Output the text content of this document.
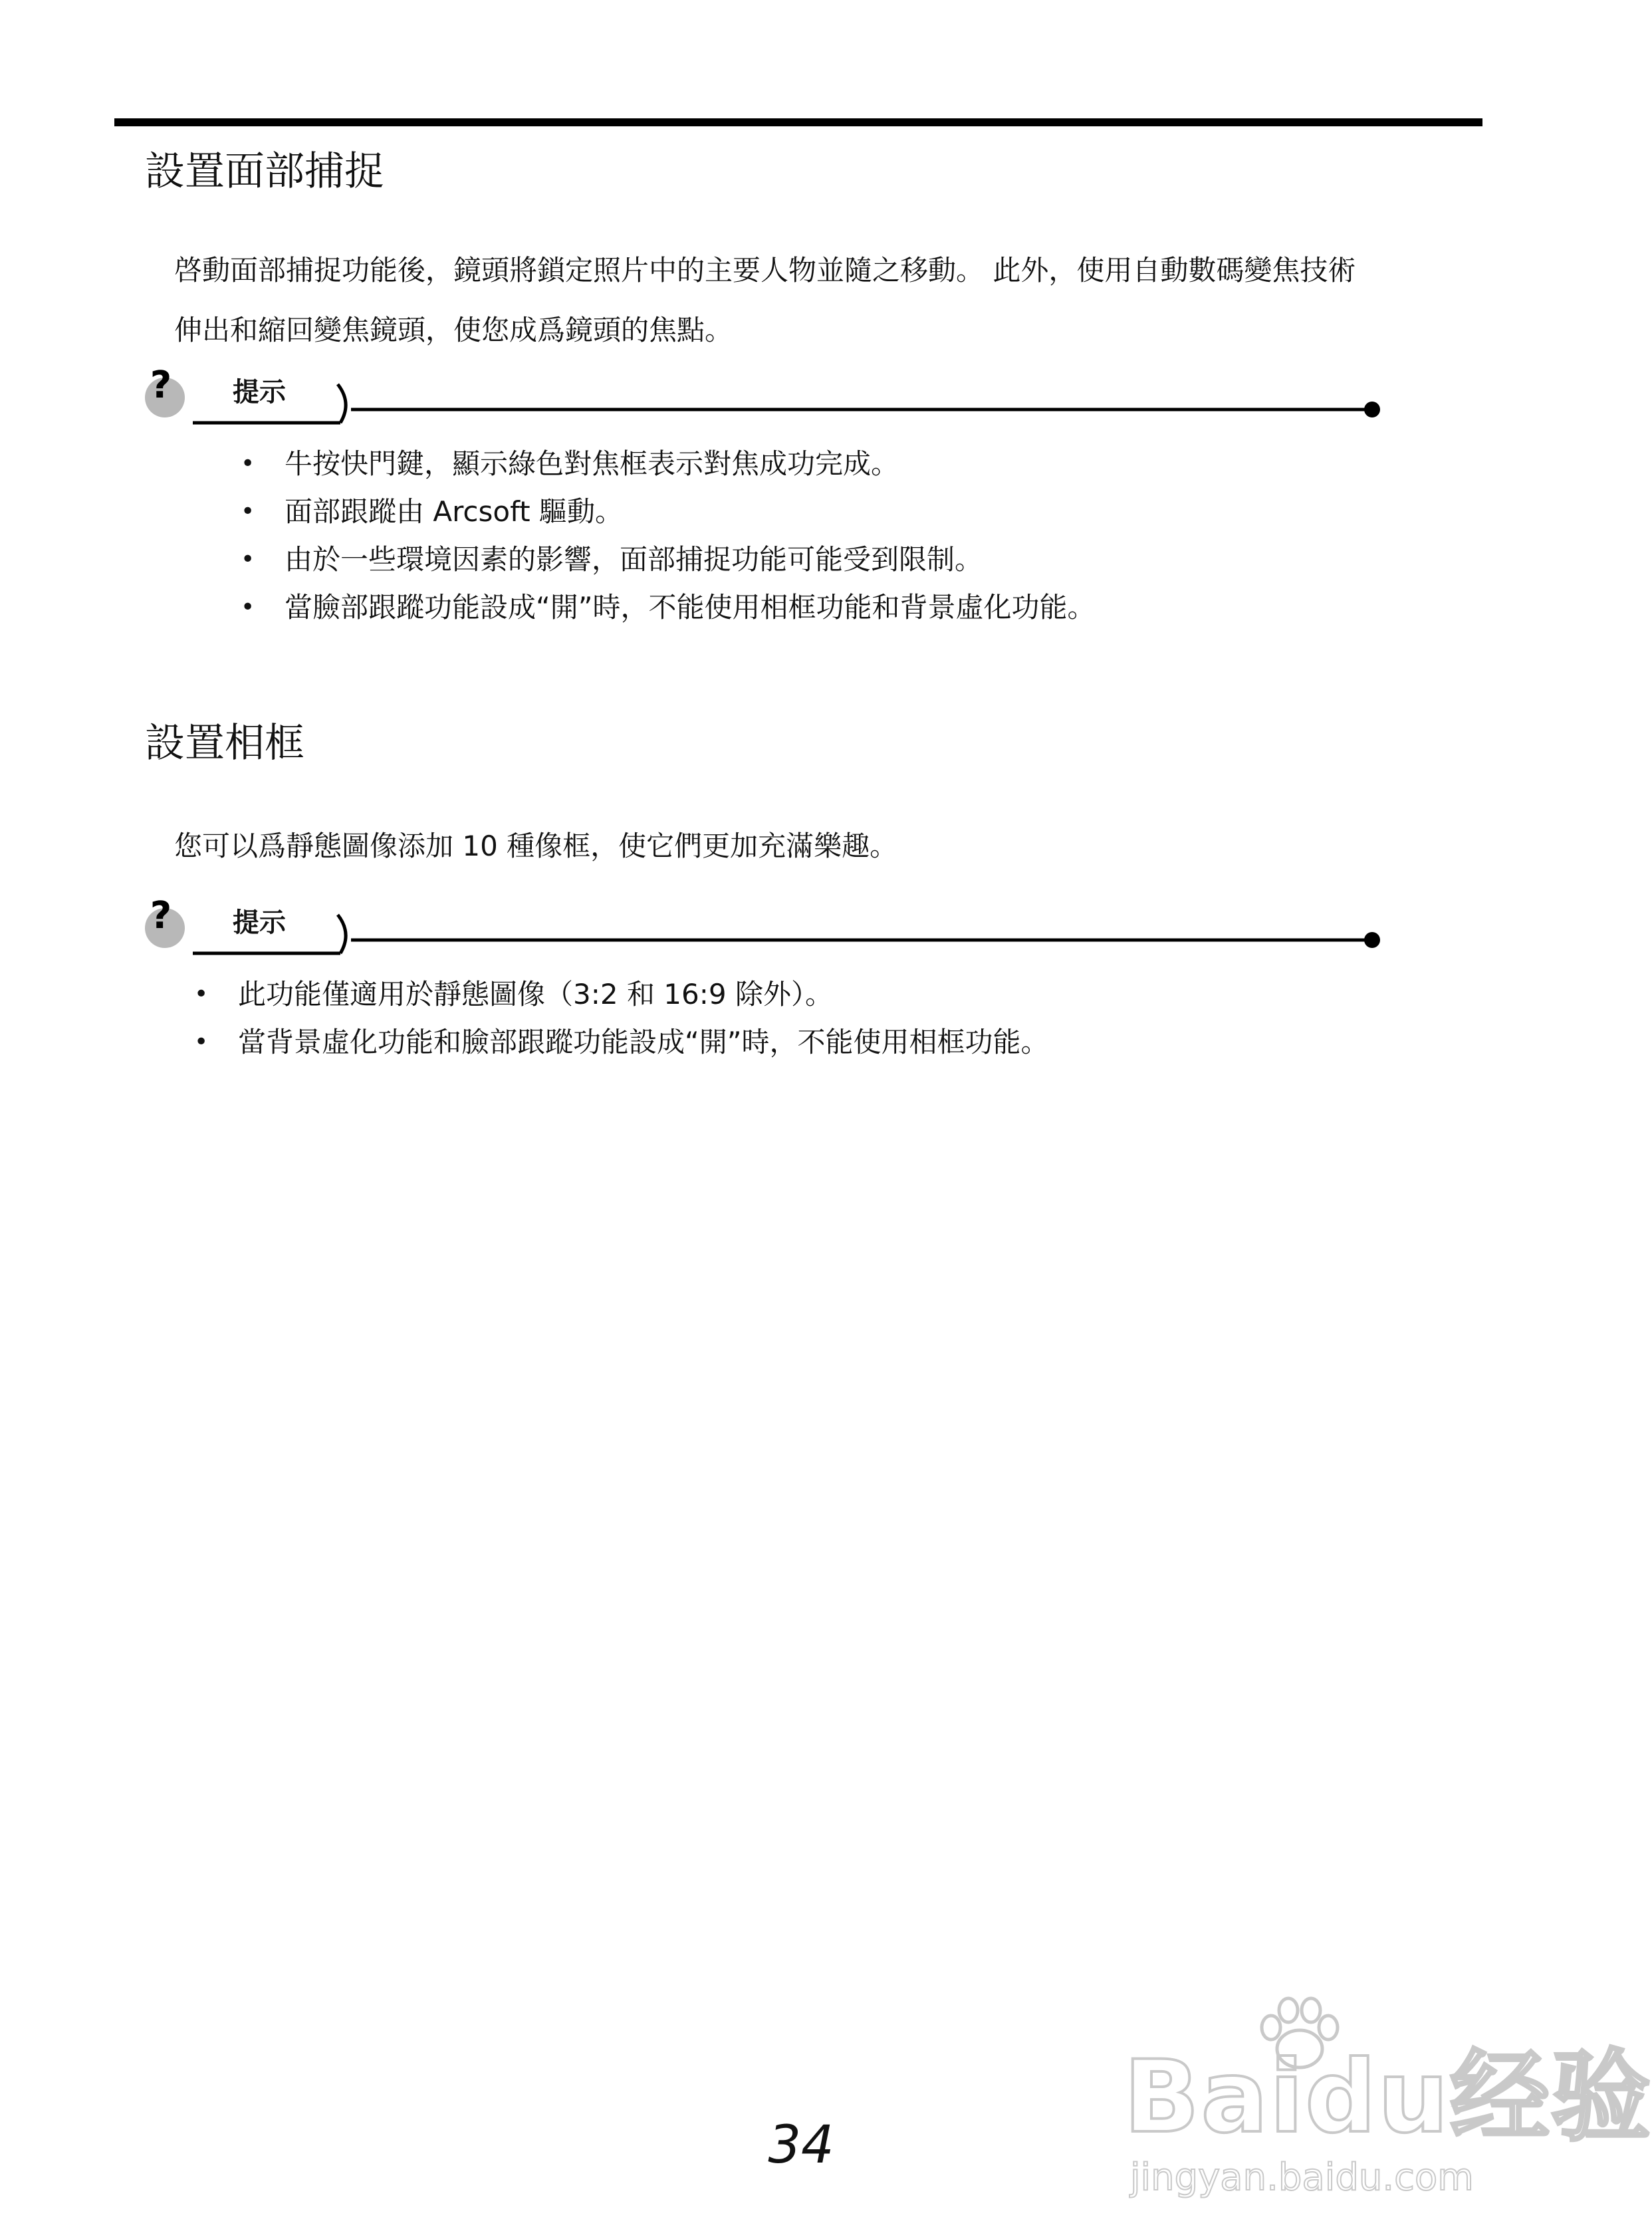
設置面部捕捉

啓動面部捕捉功能後，鏡頭將鎖定照片中的主要人物並隨之移動。 此外，使用自動數碼變焦技術
伸出和縮回變焦鏡頭，使您成爲鏡頭的焦點。

? 提示
• 牛按快門鍵，顯示綠色對焦框表示對焦成功完成。
• 面部跟蹤由 Arcsoft 驅動。
• 由於一些環境因素的影響，面部捕捉功能可能受到限制。
• 當臉部跟蹤功能設成“開”時，不能使用相框功能和背景虛化功能。
設置相框

您可以爲靜態圖像添加 10 種像框，使它們更加充滿樂趣。

? 提示
• 此功能僅適用於靜態圖像（3:2 和 16:9 除外）。
• 當背景虛化功能和臉部跟蹤功能設成“開”時，不能使用相框功能。
Baidu经验
jingyan.baidu.com
34
